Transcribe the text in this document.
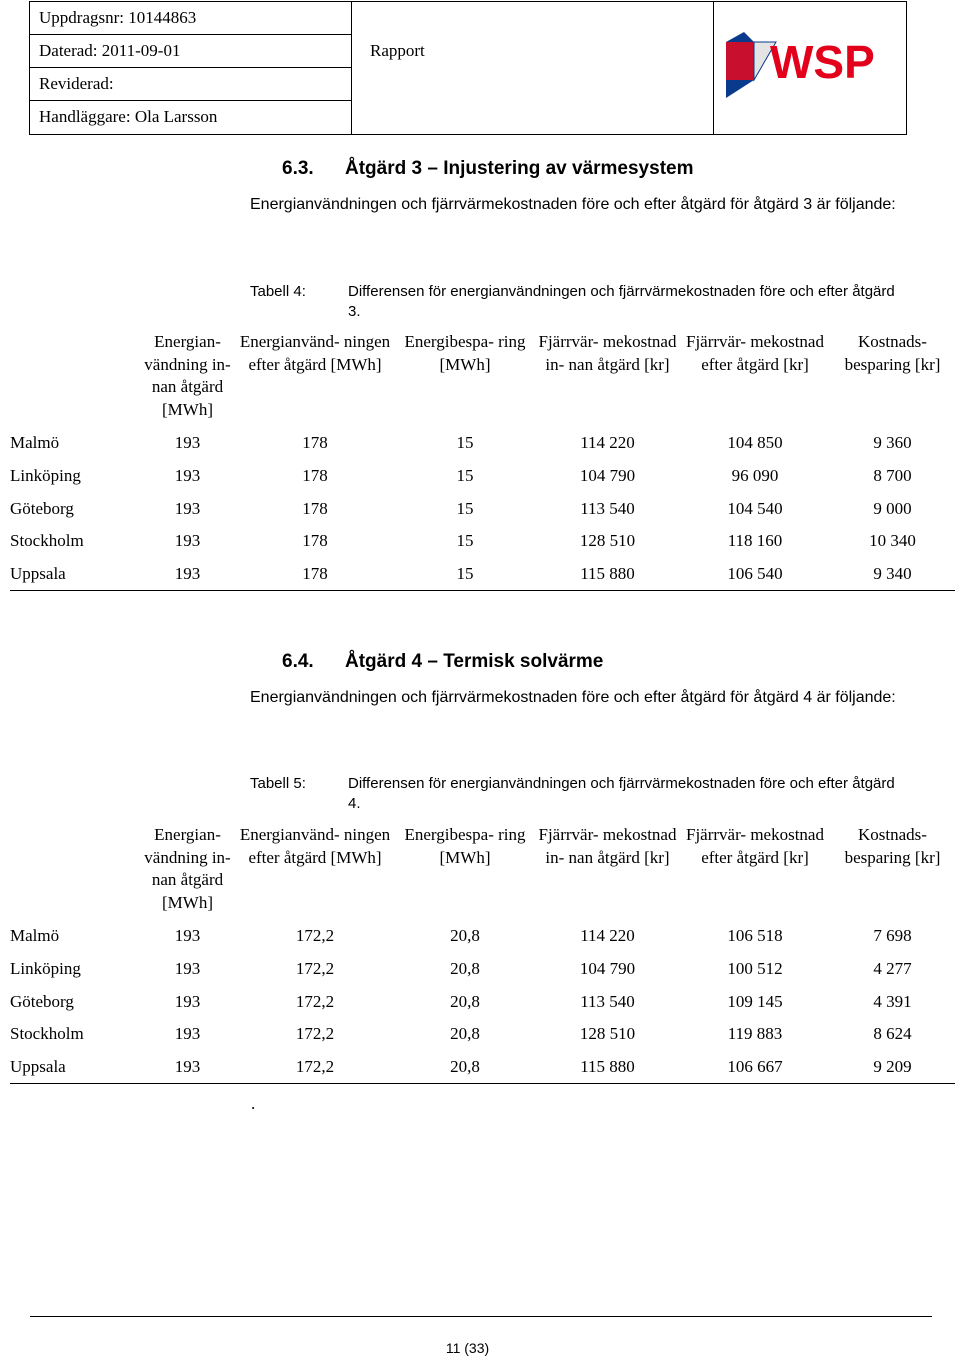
Uppdragsnr: 10144863
Daterad: 2011-09-01
Reviderad:
Handläggare: Ola Larsson
Rapport	WSP
6.3. Åtgärd 3 – Injustering av värmesystem
Energianvändningen och fjärrvärmekostnaden före och efter åtgärd för åtgärd 3 är följande:
Tabell 4:	Differensen för energianvändningen och fjärrvärmekostnaden före och efter åtgärd 3.
	Energian- vändning in- nan åtgärd [MWh]	Energianvänd- ningen efter åtgärd [MWh]	Energibespa- ring [MWh]	Fjärrvär- mekostnad in- nan åtgärd [kr]	Fjärrvär- mekostnad efter åtgärd [kr]	Kostnads- besparing [kr]
Malmö	193	178	15	114 220	104 850	9 360
Linköping	193	178	15	104 790	96 090	8 700
Göteborg	193	178	15	113 540	104 540	9 000
Stockholm	193	178	15	128 510	118 160	10 340
Uppsala	193	178	15	115 880	106 540	9 340
6.4. Åtgärd 4 – Termisk solvärme
Energianvändningen och fjärrvärmekostnaden före och efter åtgärd för åtgärd 4 är följande:
Tabell 5:	Differensen för energianvändningen och fjärrvärmekostnaden före och efter åtgärd 4.
	Energian- vändning in- nan åtgärd [MWh]	Energianvänd- ningen efter åtgärd [MWh]	Energibespa- ring [MWh]	Fjärrvär- mekostnad in- nan åtgärd [kr]	Fjärrvär- mekostnad efter åtgärd [kr]	Kostnads- besparing [kr]
Malmö	193	172,2	20,8	114 220	106 518	7 698
Linköping	193	172,2	20,8	104 790	100 512	4 277
Göteborg	193	172,2	20,8	113 540	109 145	4 391
Stockholm	193	172,2	20,8	128 510	119 883	8 624
Uppsala	193	172,2	20,8	115 880	106 667	9 209
.
11 (33)
